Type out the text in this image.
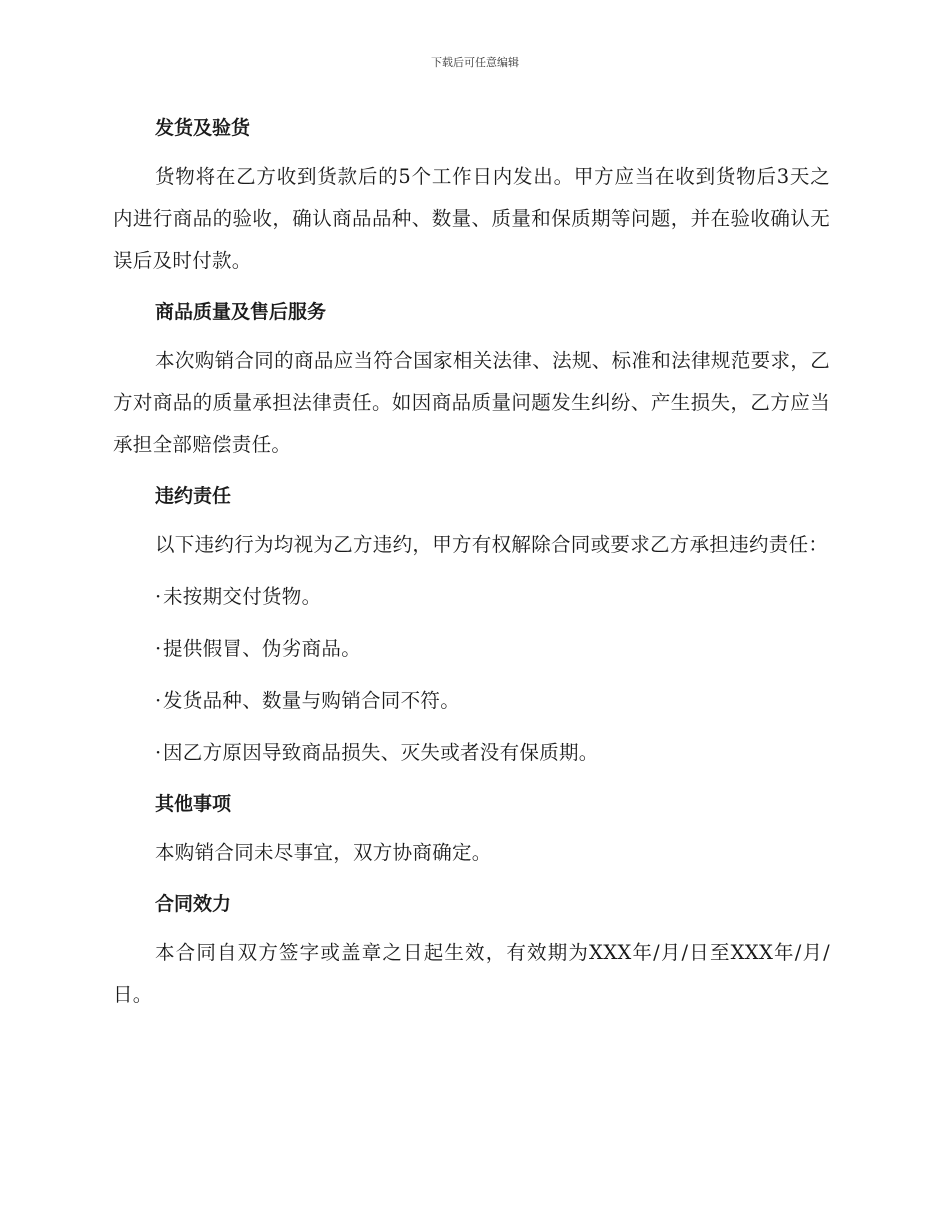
下载后可任意编辑
发货及验货

货物将在乙方收到货款后的5个工作日内发出。甲方应当在收到货物后3天之内进行商品的验收，确认商品品种、数量、质量和保质期等问题，并在验收确认无误后及时付款。

商品质量及售后服务

本次购销合同的商品应当符合国家相关法律、法规、标准和法律规范要求，乙方对商品的质量承担法律责任。如因商品质量问题发生纠纷、产生损失，乙方应当承担全部赔偿责任。

违约责任

以下违约行为均视为乙方违约，甲方有权解除合同或要求乙方承担违约责任：

·未按期交付货物。
·提供假冒、伪劣商品。
·发货品种、数量与购销合同不符。
·因乙方原因导致商品损失、灭失或者没有保质期。
其他事项

本购销合同未尽事宜，双方协商确定。

合同效力

本合同自双方签字或盖章之日起生效，有效期为XXX年/月/日至XXX年/月/日。
